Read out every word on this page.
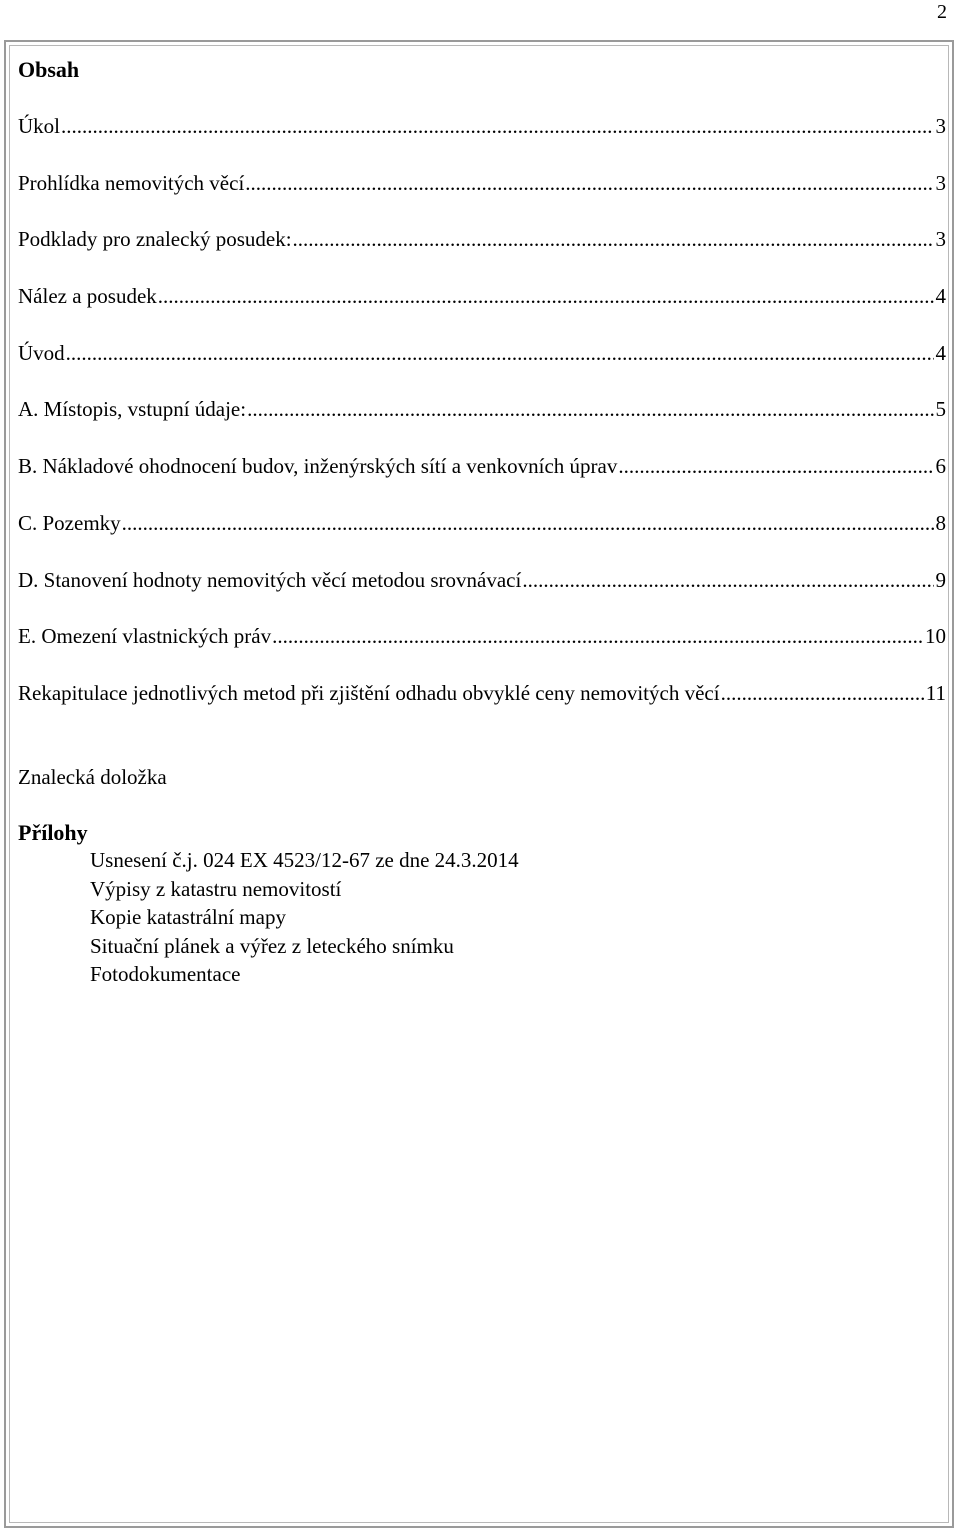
2
Obsah
Úkol .....	3
Prohlídka nemovitých věcí .....	3
Podklady pro znalecký posudek: .....	3
Nález a posudek .....	4
Úvod .....	4
A. Místopis, vstupní údaje: .....	5
B. Nákladové ohodnocení budov, inženýrských sítí a venkovních úprav .....	6
C. Pozemky .....	8
D. Stanovení hodnoty nemovitých věcí metodou srovnávací .....	9
E. Omezení vlastnických práv .....	10
Rekapitulace jednotlivých metod při zjištění odhadu obvyklé ceny nemovitých věcí .....	11
Znalecká doložka
Přílohy
Usnesení č.j. 024 EX 4523/12-67 ze dne 24.3.2014
Výpisy z katastru nemovitostí
Kopie katastrální mapy
Situační plánek a výřez z leteckého snímku
Fotodokumentace
